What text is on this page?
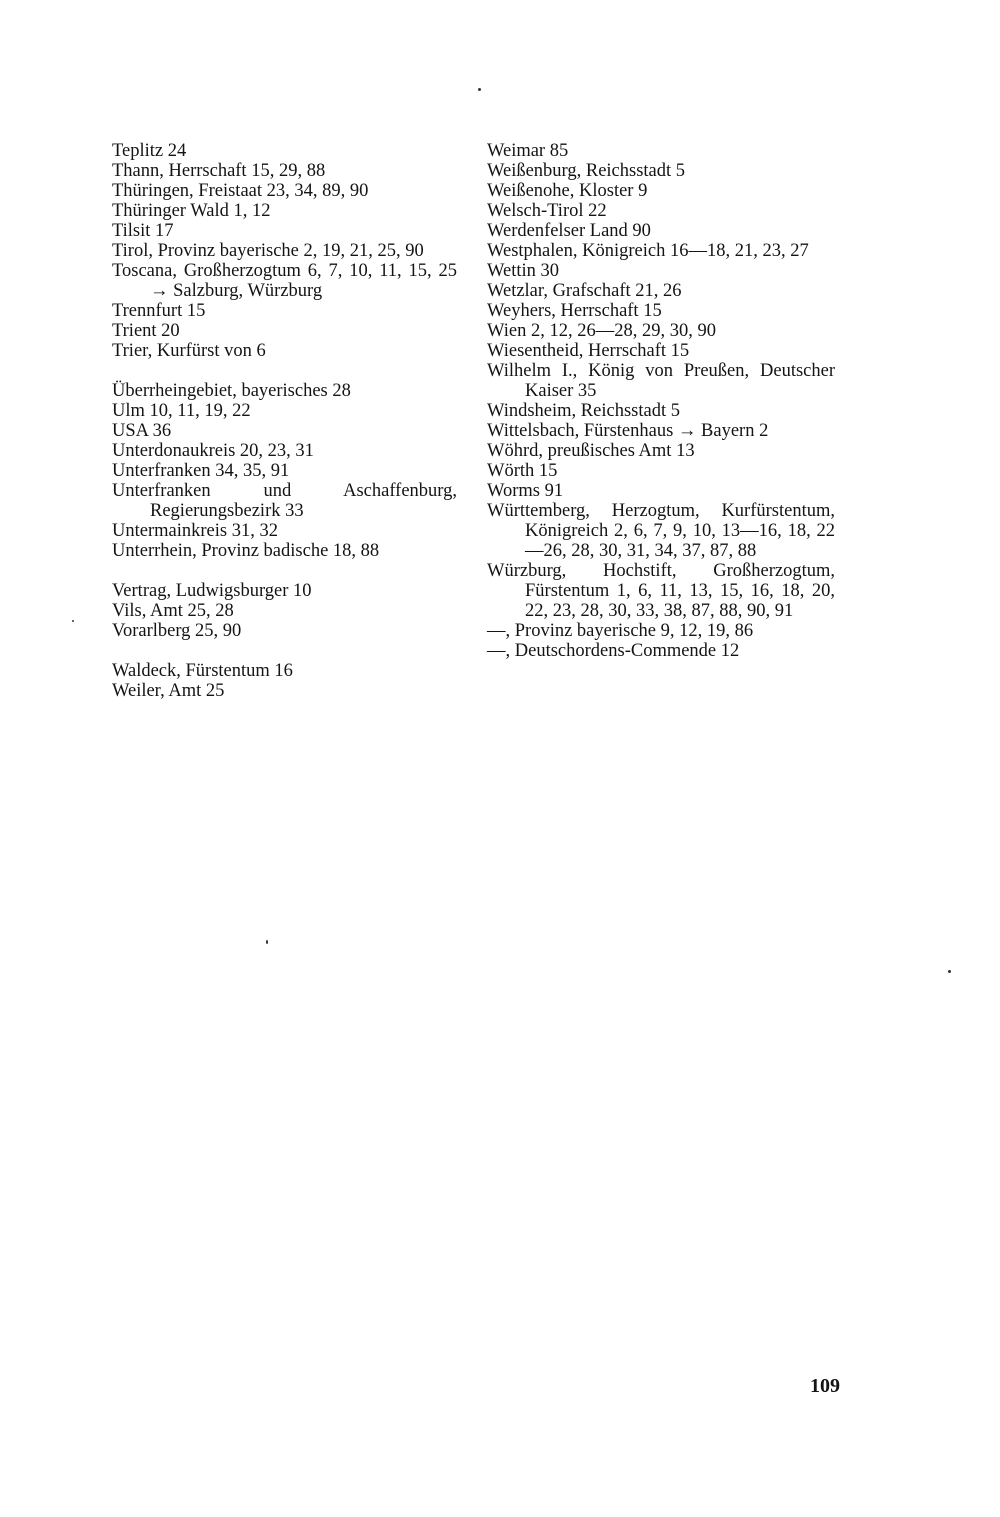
Teplitz 24

Thann, Herrschaft 15, 29, 88

Thüringen, Freistaat 23, 34, 89, 90

Thüringer Wald 1, 12

Tilsit 17

Tirol, Provinz bayerische 2, 19, 21, 25, 90

Toscana, Großherzogtum 6, 7, 10, 11, 15, 25 → Salzburg, Würzburg

Trennfurt 15

Trient 20

Trier, Kurfürst von 6

Überrheingebiet, bayerisches 28

Ulm 10, 11, 19, 22

USA 36

Unterdonaukreis 20, 23, 31

Unterfranken 34, 35, 91

Unterfranken und Aschaffenburg, Regierungsbezirk 33

Untermainkreis 31, 32

Unterrhein, Provinz badische 18, 88

Vertrag, Ludwigsburger 10

Vils, Amt 25, 28

Vorarlberg 25, 90

Waldeck, Fürstentum 16

Weiler, Amt 25

Weimar 85

Weißenburg, Reichsstadt 5

Weißenohe, Kloster 9

Welsch-Tirol 22

Werdenfelser Land 90

Westphalen, Königreich 16—18, 21, 23, 27

Wettin 30

Wetzlar, Grafschaft 21, 26

Weyhers, Herrschaft 15

Wien 2, 12, 26—28, 29, 30, 90

Wiesentheid, Herrschaft 15

Wilhelm I., König von Preußen, Deutscher Kaiser 35

Windsheim, Reichsstadt 5

Wittelsbach, Fürstenhaus → Bayern 2

Wöhrd, preußisches Amt 13

Wörth 15

Worms 91

Württemberg, Herzogtum, Kurfürstentum, Königreich 2, 6, 7, 9, 10, 13—16, 18, 22—26, 28, 30, 31, 34, 37, 87, 88

Würzburg, Hochstift, Großherzogtum, Fürstentum 1, 6, 11, 13, 15, 16, 18, 20, 22, 23, 28, 30, 33, 38, 87, 88, 90, 91

—, Provinz bayerische 9, 12, 19, 86

—, Deutschordens-Commende 12

109
